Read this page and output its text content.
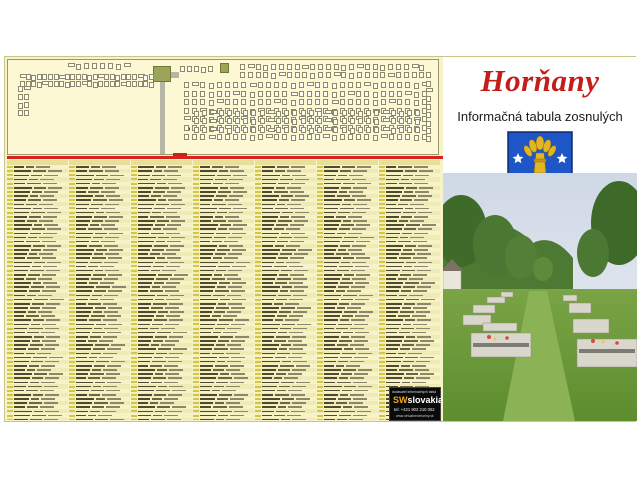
dodavatel informačných tabúl
SWslovakia
tel: +421 903 210 052
www.virtualnecintoriny.sk
Horňany
Informačná tabula zosnulých
